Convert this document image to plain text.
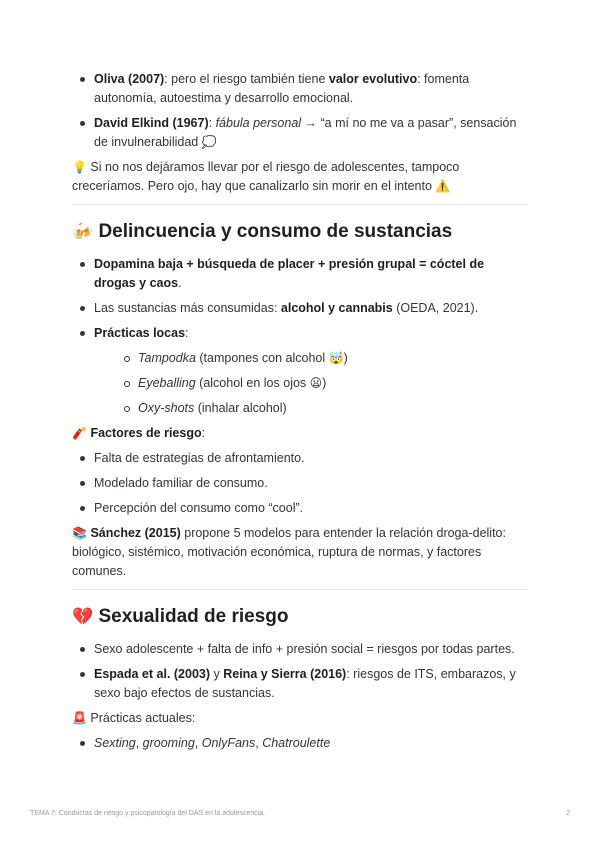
Oliva (2007): pero el riesgo también tiene valor evolutivo: fomenta autonomía, autoestima y desarrollo emocional.
David Elkind (1967): fábula personal → “a mí no me va a pasar”, sensación de invulnerabilidad 💭

💡 Si no nos dejáramos llevar por el riesgo de adolescentes, tampoco creceríamos. Pero ojo, hay que canalizarlo sin morir en el intento ⚠️

🍻 Delincuencia y consumo de sustancias
Dopamina baja + búsqueda de placer + presión grupal = cóctel de drogas y caos.
Las sustancias más consumidas: alcohol y cannabis (OEDA, 2021).
Prácticas locas:
Tampodka (tampones con alcohol 🤯)
Eyeballing (alcohol en los ojos 😦)
Oxy-shots (inhalar alcohol)

🧨 Factores de riesgo:

Falta de estrategias de afrontamiento.
Modelado familiar de consumo.
Percepción del consumo como “cool”.

📚 Sánchez (2015) propone 5 modelos para entender la relación droga-delito: biológico, sistémico, motivación económica, ruptura de normas, y factores comunes.

💔 Sexualidad de riesgo
Sexo adolescente + falta de info + presión social = riesgos por todas partes.
Espada et al. (2003) y Reina y Sierra (2016): riesgos de ITS, embarazos, y sexo bajo efectos de sustancias.

🚨 Prácticas actuales:

Sexting, grooming, OnlyFans, Chatroulette
TEMA 7: Conductas de riesgo y psicopatología del DAS en la adolescencia.	2
